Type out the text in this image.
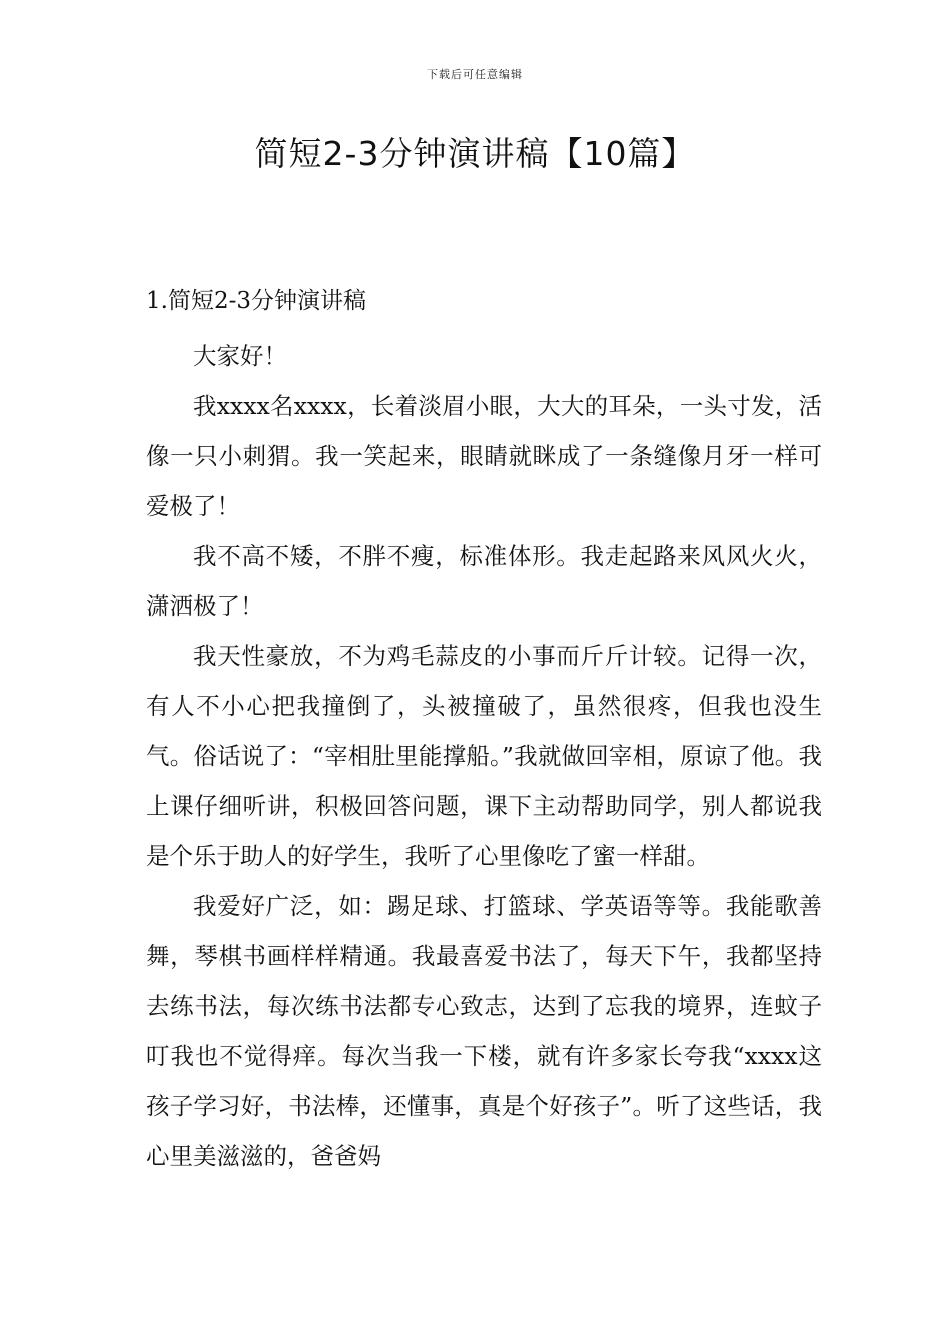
下载后可任意编辑
简短2-3分钟演讲稿【10篇】
1.简短2-3分钟演讲稿

大家好！

我xxxx名xxxx，长着淡眉小眼，大大的耳朵，一头寸发，活像一只小刺猬。我一笑起来，眼睛就眯成了一条缝像月牙一样可爱极了！

我不高不矮，不胖不瘦，标准体形。我走起路来风风火火，潇洒极了！

我天性豪放，不为鸡毛蒜皮的小事而斤斤计较。记得一次，有人不小心把我撞倒了，头被撞破了，虽然很疼，但我也没生气。俗话说了：“宰相肚里能撑船。”我就做回宰相，原谅了他。我上课仔细听讲，积极回答问题，课下主动帮助同学，别人都说我是个乐于助人的好学生，我听了心里像吃了蜜一样甜。

我爱好广泛，如：踢足球、打篮球、学英语等等。我能歌善舞，琴棋书画样样精通。我最喜爱书法了，每天下午，我都坚持去练书法，每次练书法都专心致志，达到了忘我的境界，连蚊子叮我也不觉得痒。每次当我一下楼，就有许多家长夸我“xxxx这孩子学习好，书法棒，还懂事，真是个好孩子”。听了这些话，我心里美滋滋的，爸爸妈
